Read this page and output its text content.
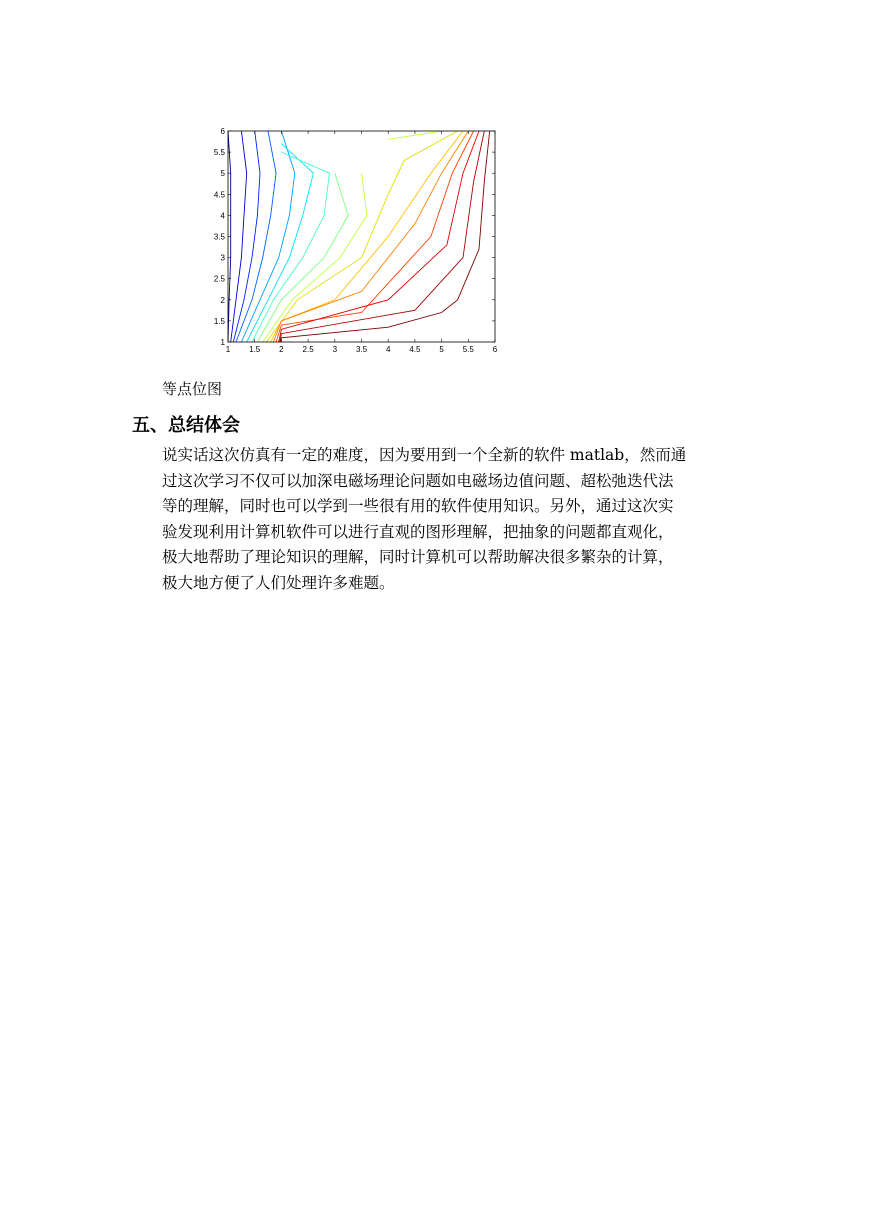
1 1.5 2 2.5 3 3.5 4 4.5 5 5.5 6
1
1.5
2
2.5
3
3.5
4
4.5
5
5.5
6
等点位图
五、总结体会
说实话这次仿真有一定的难度，因为要用到一个全新的软件 matlab，然而通
过这次学习不仅可以加深电磁场理论问题如电磁场边值问题、超松弛迭代法
等的理解，同时也可以学到一些很有用的软件使用知识。另外，通过这次实
验发现利用计算机软件可以进行直观的图形理解，把抽象的问题都直观化，
极大地帮助了理论知识的理解，同时计算机可以帮助解决很多繁杂的计算，
极大地方便了人们处理许多难题。
